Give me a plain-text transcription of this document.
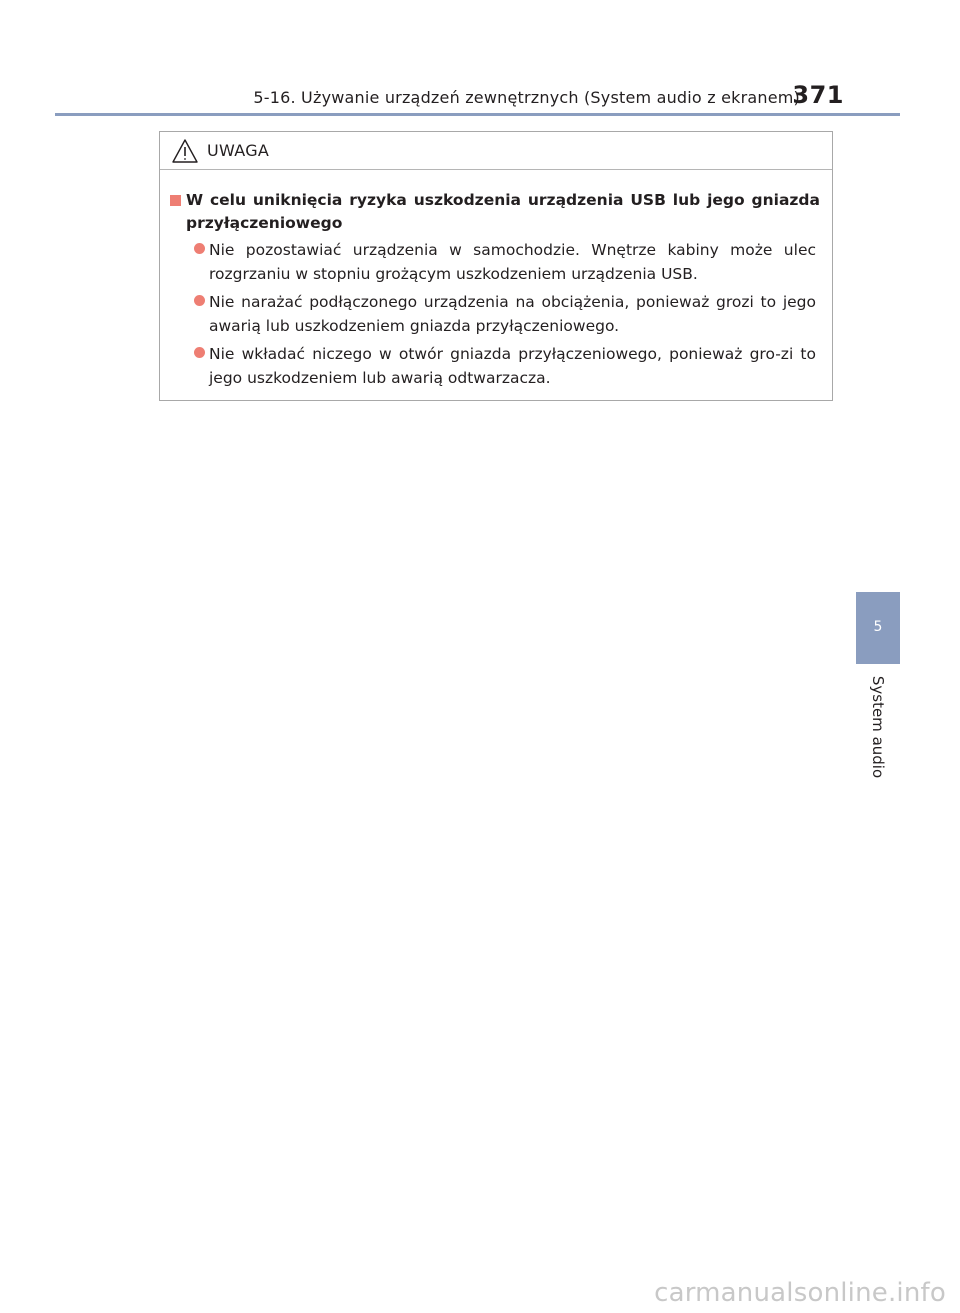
5-16. Używanie urządzeń zewnętrznych (System audio z ekranem)
371
UWAGA
W celu uniknięcia ryzyka uszkodzenia urządzenia USB lub jego gniazda przyłączeniowego
Nie pozostawiać urządzenia w samochodzie. Wnętrze kabiny może ulec rozgrzaniu w stopniu grożącym uszkodzeniem urządzenia USB.
Nie narażać podłączonego urządzenia na obciążenia, ponieważ grozi to jego awarią lub uszkodzeniem gniazda przyłączeniowego.
Nie wkładać niczego w otwór gniazda przyłączeniowego, ponieważ gro-zi to jego uszkodzeniem lub awarią odtwarzacza.
5
System audio
carmanualsonline.info
